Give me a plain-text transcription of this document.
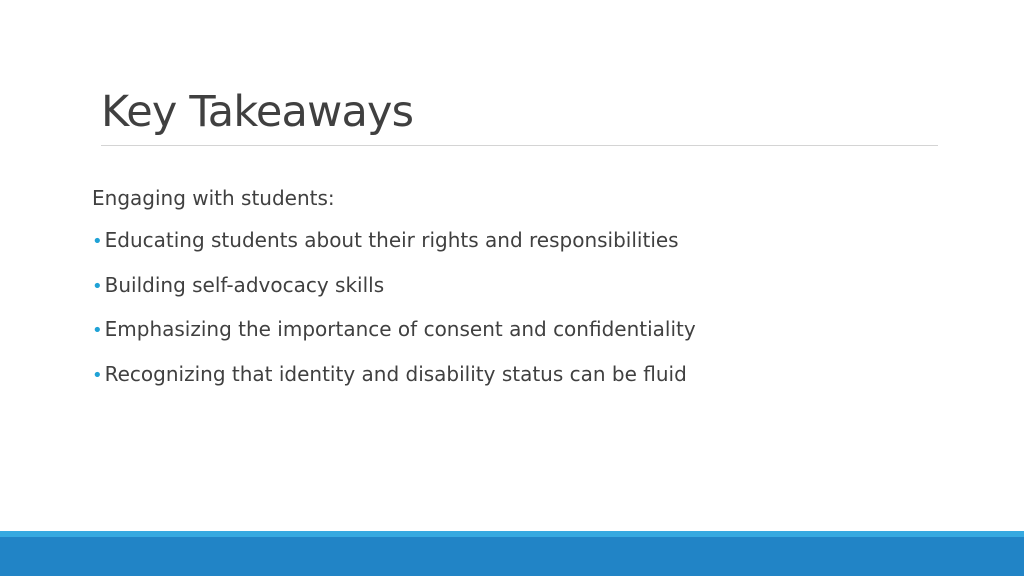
Key Takeaways

Engaging with students:

• Educating students about their rights and responsibilities
• Building self-advocacy skills
• Emphasizing the importance of consent and confidentiality
• Recognizing that identity and disability status can be fluid
